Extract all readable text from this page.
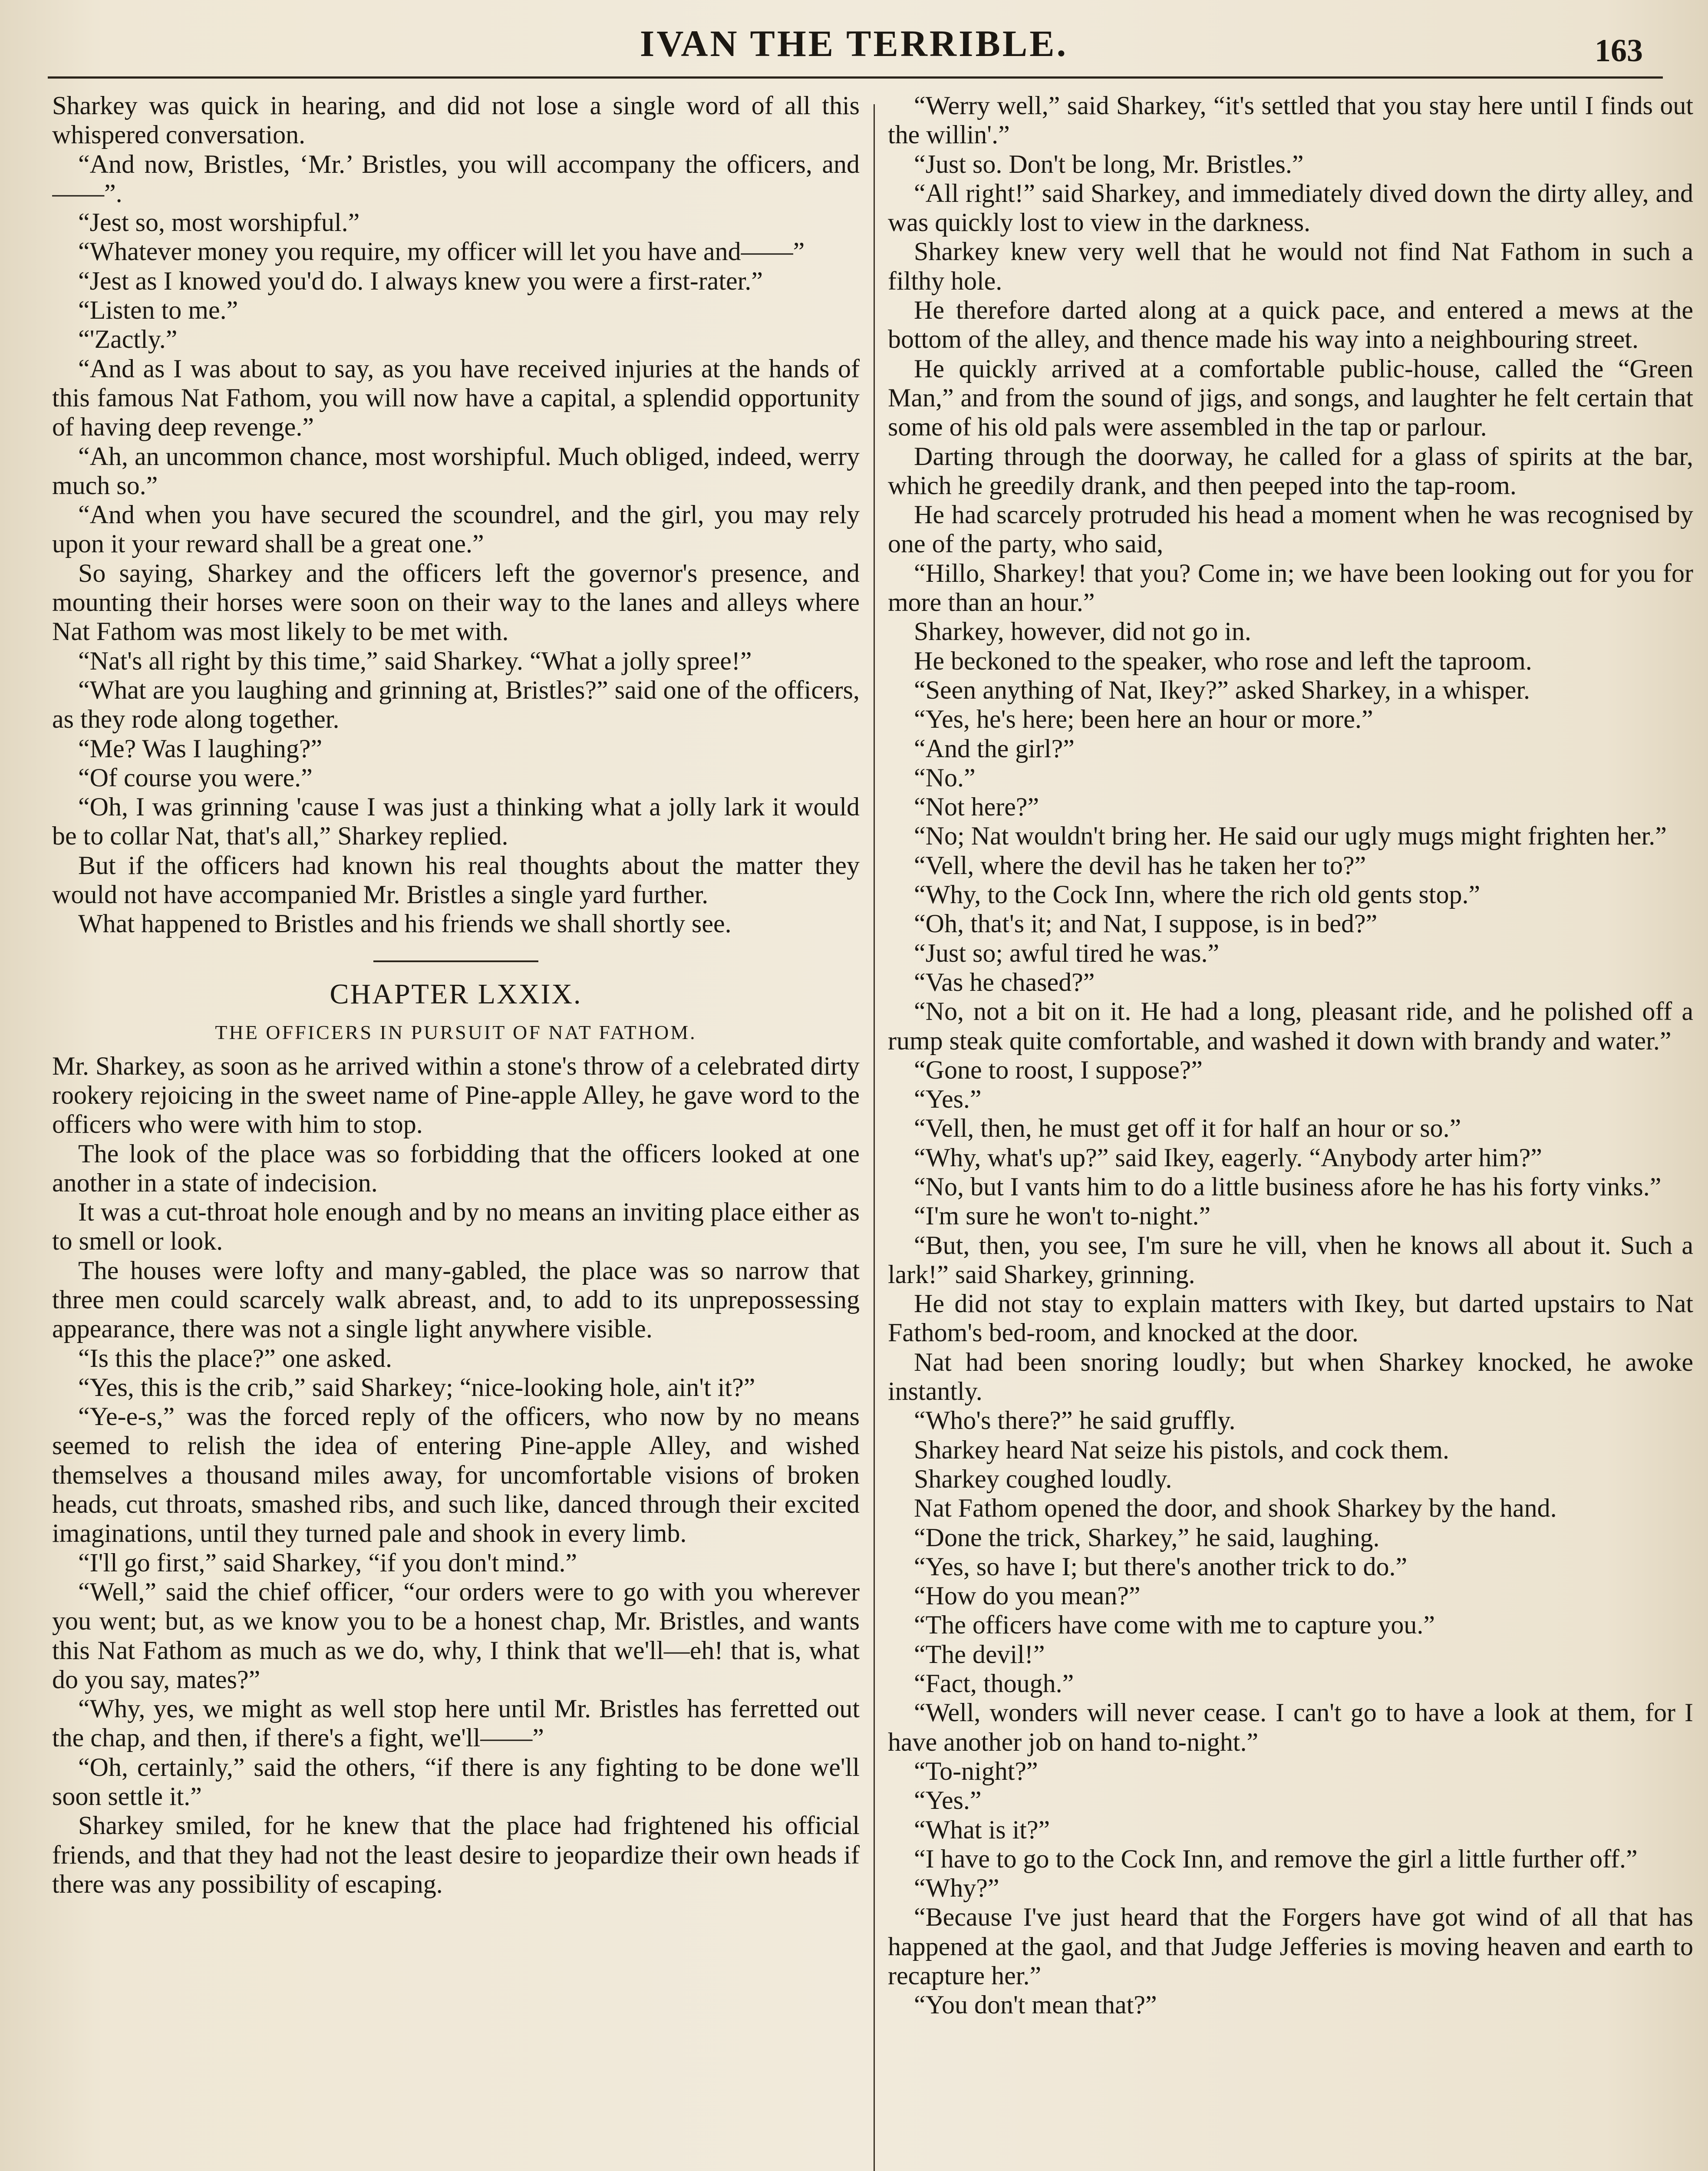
IVAN THE TERRIBLE.	163

Sharkey was quick in hearing, and did not lose a single word of all this whispered conversation.

“And now, Bristles, ‘Mr.’ Bristles, you will accompany the officers, and——”.

“Jest so, most worshipful.”

“Whatever money you require, my officer will let you have and——”

“Jest as I knowed you'd do. I always knew you were a first-rater.”

“Listen to me.”

“'Zactly.”

“And as I was about to say, as you have received injuries at the hands of this famous Nat Fathom, you will now have a capital, a splendid opportunity of having deep revenge.”

“Ah, an uncommon chance, most worshipful. Much obliged, indeed, werry much so.”

“And when you have secured the scoundrel, and the girl, you may rely upon it your reward shall be a great one.”

So saying, Sharkey and the officers left the governor's presence, and mounting their horses were soon on their way to the lanes and alleys where Nat Fathom was most likely to be met with.

“Nat's all right by this time,” said Sharkey. “What a jolly spree!”

“What are you laughing and grinning at, Bristles?” said one of the officers, as they rode along together.

“Me? Was I laughing?”

“Of course you were.”

“Oh, I was grinning 'cause I was just a thinking what a jolly lark it would be to collar Nat, that's all,” Sharkey replied.

But if the officers had known his real thoughts about the matter they would not have accompanied Mr. Bristles a single yard further.

What happened to Bristles and his friends we shall shortly see.

CHAPTER LXXIX.
THE OFFICERS IN PURSUIT OF NAT FATHOM.

Mr. Sharkey, as soon as he arrived within a stone's throw of a celebrated dirty rookery rejoicing in the sweet name of Pine-apple Alley, he gave word to the officers who were with him to stop.

The look of the place was so forbidding that the officers looked at one another in a state of indecision.

It was a cut-throat hole enough and by no means an inviting place either as to smell or look.

The houses were lofty and many-gabled, the place was so narrow that three men could scarcely walk abreast, and, to add to its unprepossessing appearance, there was not a single light anywhere visible.

“Is this the place?” one asked.

“Yes, this is the crib,” said Sharkey; “nice-looking hole, ain't it?”

“Ye-e-s,” was the forced reply of the officers, who now by no means seemed to relish the idea of entering Pine-apple Alley, and wished themselves a thousand miles away, for uncomfortable visions of broken heads, cut throats, smashed ribs, and such like, danced through their excited imaginations, until they turned pale and shook in every limb.

“I'll go first,” said Sharkey, “if you don't mind.”

“Well,” said the chief officer, “our orders were to go with you wherever you went; but, as we know you to be a honest chap, Mr. Bristles, and wants this Nat Fathom as much as we do, why, I think that we'll—eh! that is, what do you say, mates?”

“Why, yes, we might as well stop here until Mr. Bristles has ferretted out the chap, and then, if there's a fight, we'll——”

“Oh, certainly,” said the others, “if there is any fighting to be done we'll soon settle it.”

Sharkey smiled, for he knew that the place had frightened his official friends, and that they had not the least desire to jeopardize their own heads if there was any possibility of escaping.

“Werry well,” said Sharkey, “it's settled that you stay here until I finds out the willin'.”

“Just so. Don't be long, Mr. Bristles.”

“All right!” said Sharkey, and immediately dived down the dirty alley, and was quickly lost to view in the darkness.

Sharkey knew very well that he would not find Nat Fathom in such a filthy hole.

He therefore darted along at a quick pace, and entered a mews at the bottom of the alley, and thence made his way into a neighbouring street.

He quickly arrived at a comfortable public-house, called the “Green Man,” and from the sound of jigs, and songs, and laughter he felt certain that some of his old pals were assembled in the tap or parlour.

Darting through the doorway, he called for a glass of spirits at the bar, which he greedily drank, and then peeped into the tap-room.

He had scarcely protruded his head a moment when he was recognised by one of the party, who said,

“Hillo, Sharkey! that you? Come in; we have been looking out for you for more than an hour.”

Sharkey, however, did not go in.

He beckoned to the speaker, who rose and left the taproom.

“Seen anything of Nat, Ikey?” asked Sharkey, in a whisper.

“Yes, he's here; been here an hour or more.”

“And the girl?”

“No.”

“Not here?”

“No; Nat wouldn't bring her. He said our ugly mugs might frighten her.”

“Vell, where the devil has he taken her to?”

“Why, to the Cock Inn, where the rich old gents stop.”

“Oh, that's it; and Nat, I suppose, is in bed?”

“Just so; awful tired he was.”

“Vas he chased?”

“No, not a bit on it. He had a long, pleasant ride, and he polished off a rump steak quite comfortable, and washed it down with brandy and water.”

“Gone to roost, I suppose?”

“Yes.”

“Vell, then, he must get off it for half an hour or so.”

“Why, what's up?” said Ikey, eagerly. “Anybody arter him?”

“No, but I vants him to do a little business afore he has his forty vinks.”

“I'm sure he won't to-night.”

“But, then, you see, I'm sure he vill, vhen he knows all about it. Such a lark!” said Sharkey, grinning.

He did not stay to explain matters with Ikey, but darted upstairs to Nat Fathom's bed-room, and knocked at the door.

Nat had been snoring loudly; but when Sharkey knocked, he awoke instantly.

“Who's there?” he said gruffly.

Sharkey heard Nat seize his pistols, and cock them.

Sharkey coughed loudly.

Nat Fathom opened the door, and shook Sharkey by the hand.

“Done the trick, Sharkey,” he said, laughing.

“Yes, so have I; but there's another trick to do.”

“How do you mean?”

“The officers have come with me to capture you.”

“The devil!”

“Fact, though.”

“Well, wonders will never cease. I can't go to have a look at them, for I have another job on hand to-night.”

“To-night?”

“Yes.”

“What is it?”

“I have to go to the Cock Inn, and remove the girl a little further off.”

“Why?”

“Because I've just heard that the Forgers have got wind of all that has happened at the gaol, and that Judge Jefferies is moving heaven and earth to recapture her.”

“You don't mean that?”
